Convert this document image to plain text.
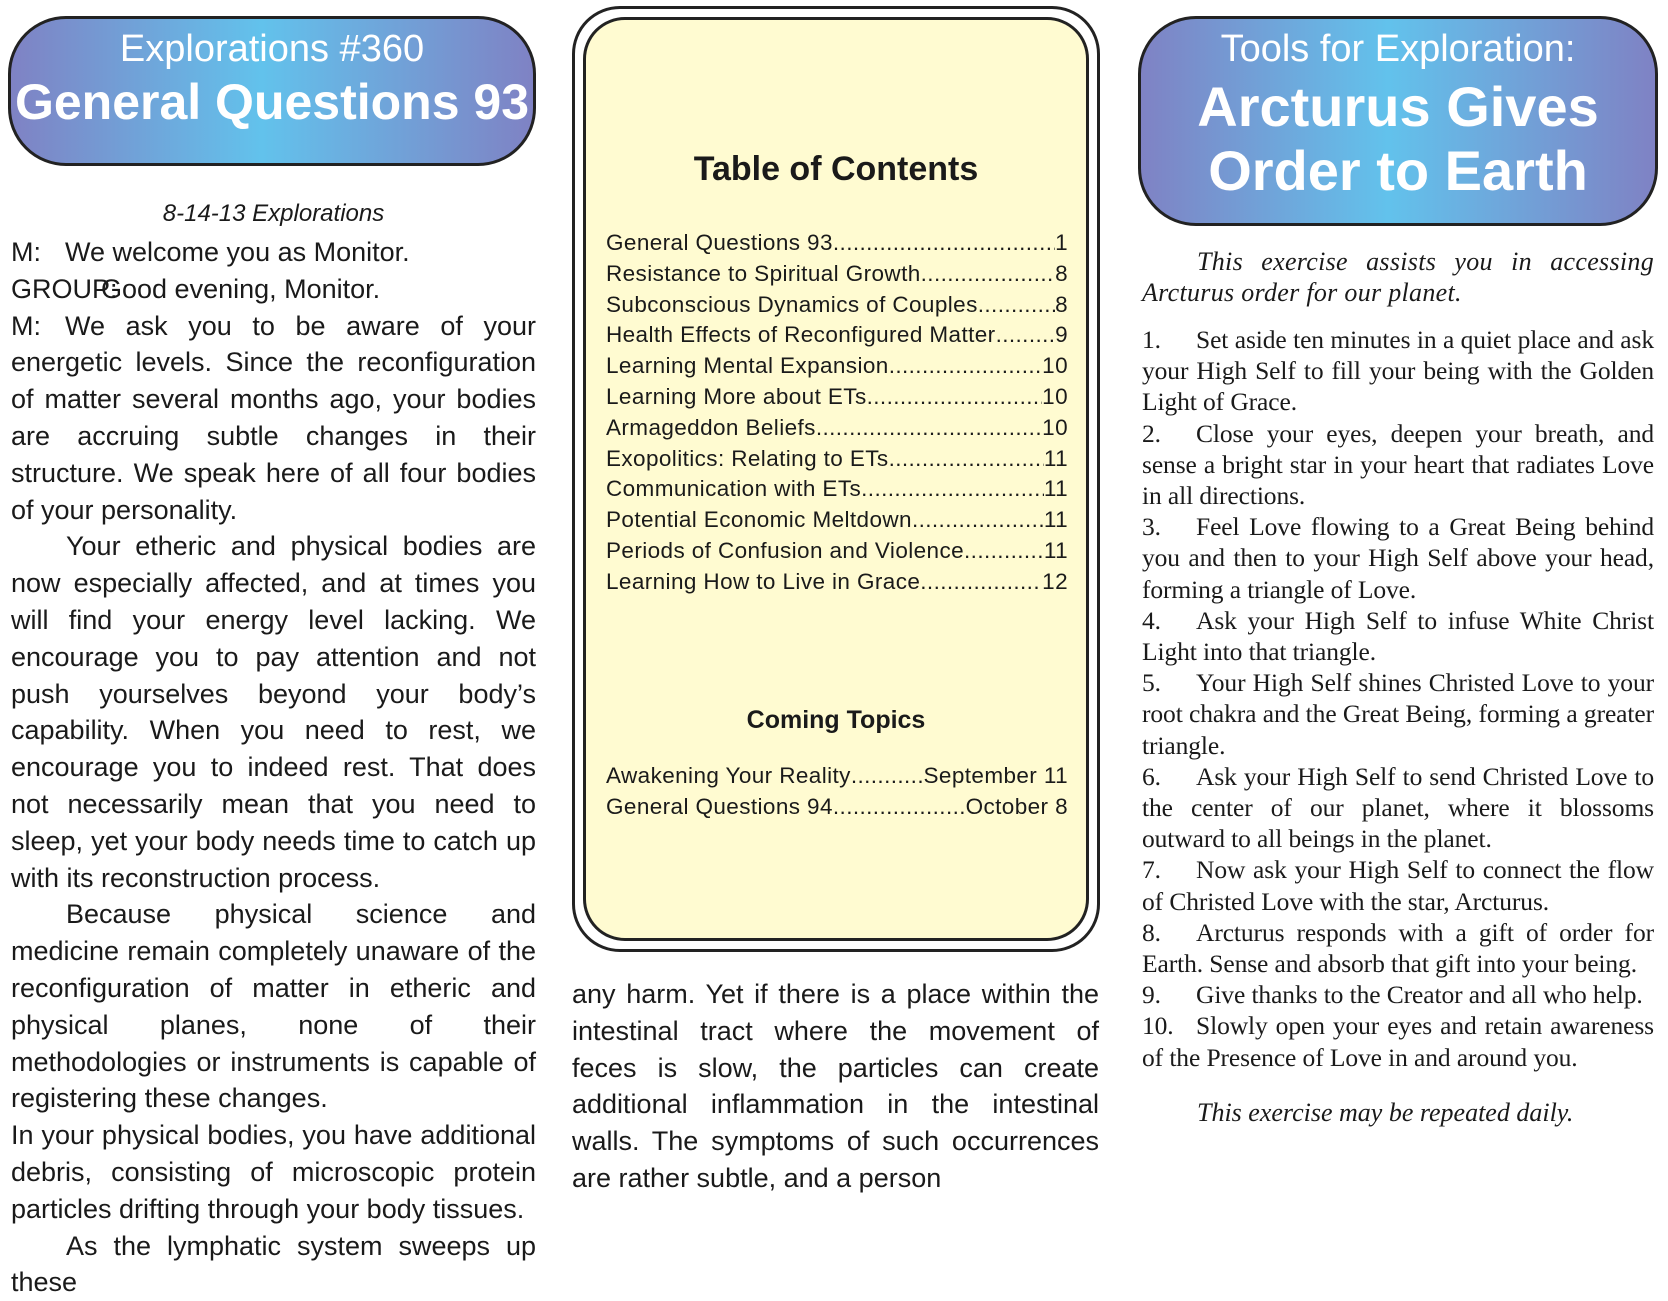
Explorations #360
General Questions 93
Tools for Exploration:
Arcturus Gives
Order to Earth
8-14-13 Explorations

M: We welcome you as Monitor.

GROUP:Good evening, Monitor.

M: We ask you to be aware of your energetic levels. Since the reconfiguration of matter several months ago, your bodies are accruing subtle changes in their structure. We speak here of all four bodies of your personality.

Your etheric and physical bodies are now especially affected, and at times you will find your energy level lacking. We encourage you to pay attention and not push yourselves beyond your body’s capability. When you need to rest, we encourage you to indeed rest. That does not necessarily mean that you need to sleep, yet your body needs time to catch up with its reconstruction process.

Because physical science and medicine remain completely unaware of the reconfiguration of matter in etheric and physical planes, none of their methodologies or instruments is capable of registering these changes.

In your physical bodies, you have additional debris, consisting of microscopic protein particles drifting through your body tissues.

As the lymphatic system sweeps up these

Table of Contents
General Questions 93 .....	1
Resistance to Spiritual Growth .....	8
Subconscious Dynamics of Couples .....	8
Health Effects of Reconfigured Matter .....	9
Learning Mental Expansion .....	10
Learning More about ETs .....	10
Armageddon Beliefs .....	10
Exopolitics: Relating to ETs .....	11
Communication with ETs .....	11
Potential Economic Meltdown .....	11
Periods of Confusion and Violence .....	11
Learning How to Live in Grace .....	12
Coming Topics
Awakening Your Reality .....	September 11
General Questions 94 .....	October 8

any harm. Yet if there is a place within the intestinal tract where the movement of feces is slow, the particles can create additional inflammation in the intestinal walls. The symptoms of such occurrences are rather subtle, and a person

This exercise assists you in accessing Arcturus order for our planet.

1. Set aside ten minutes in a quiet place and ask your High Self to fill your being with the Golden Light of Grace.
2. Close your eyes, deepen your breath, and sense a bright star in your heart that radiates Love in all directions.
3. Feel Love flowing to a Great Being behind you and then to your High Self above your head, forming a triangle of Love.
4. Ask your High Self to infuse White Christ Light into that triangle.
5. Your High Self shines Christed Love to your root chakra and the Great Being, forming a greater triangle.
6. Ask your High Self to send Christed Love to the center of our planet, where it blossoms outward to all beings in the planet.
7. Now ask your High Self to connect the flow of Christed Love with the star, Arcturus.
8. Arcturus responds with a gift of order for Earth. Sense and absorb that gift into your being.
9. Give thanks to the Creator and all who help.
10. Slowly open your eyes and retain awareness of the Presence of Love in and around you.

This exercise may be repeated daily.
